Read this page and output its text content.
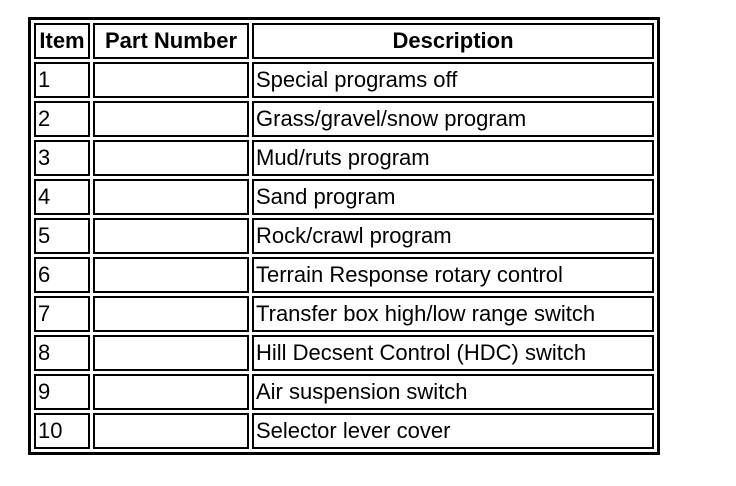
Item	Part Number	Description
1		Special programs off
2		Grass/gravel/snow program
3		Mud/ruts program
4		Sand program
5		Rock/crawl program
6		Terrain Response rotary control
7		Transfer box high/low range switch
8		Hill Decsent Control (HDC) switch
9		Air suspension switch
10		Selector lever cover
